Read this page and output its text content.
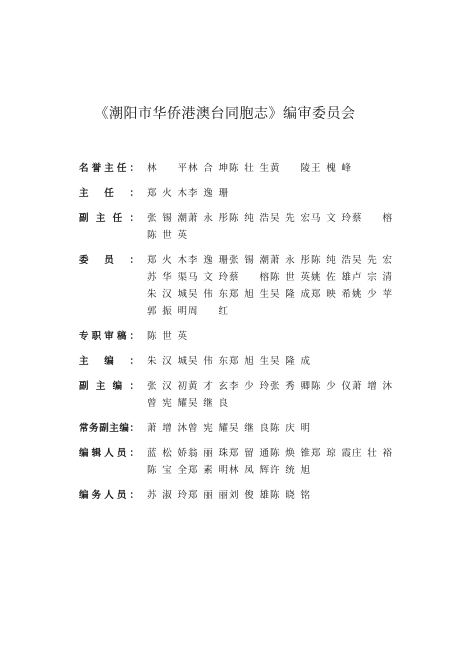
《潮阳市华侨港澳台同胞志》编审委员会
名誉主任： 林平 林合坤 陈壮生 黄陵 王槐峰
主任： 郑火木 李逸珊
副主任： 张锡潮 萧永彤 陈纯浩 吴先宏 马文玲 蔡榕
陈世英
委员： 郑火木 李逸珊 张锡潮 萧永彤 陈纯浩 吴先宏
苏华渠 马文玲 蔡榕 陈世英 姚佐雄 卢宗清
朱汉城 吴伟东 郑旭生 吴隆成 郑映希 姚少苹
郭振明 周红
专职审稿： 陈世英
主编： 朱汉城 吴伟东 郑旭生 吴隆成
副主编： 张汉初 黄才玄 李少玲 张秀卿 陈少仪 萧增沐
曾宪耀 吴继良
常务副主编： 萧增沐 曾宪耀 吴继良 陈庆明
编辑人员： 蓝松娇 翁丽珠 郑留通 陈焕锥 郑琼霞 庄壮裕
陈宝全 郑素明 林凤辉 许统旭
编务人员： 苏淑玲 郑丽丽 刘俊雄 陈晓铭
